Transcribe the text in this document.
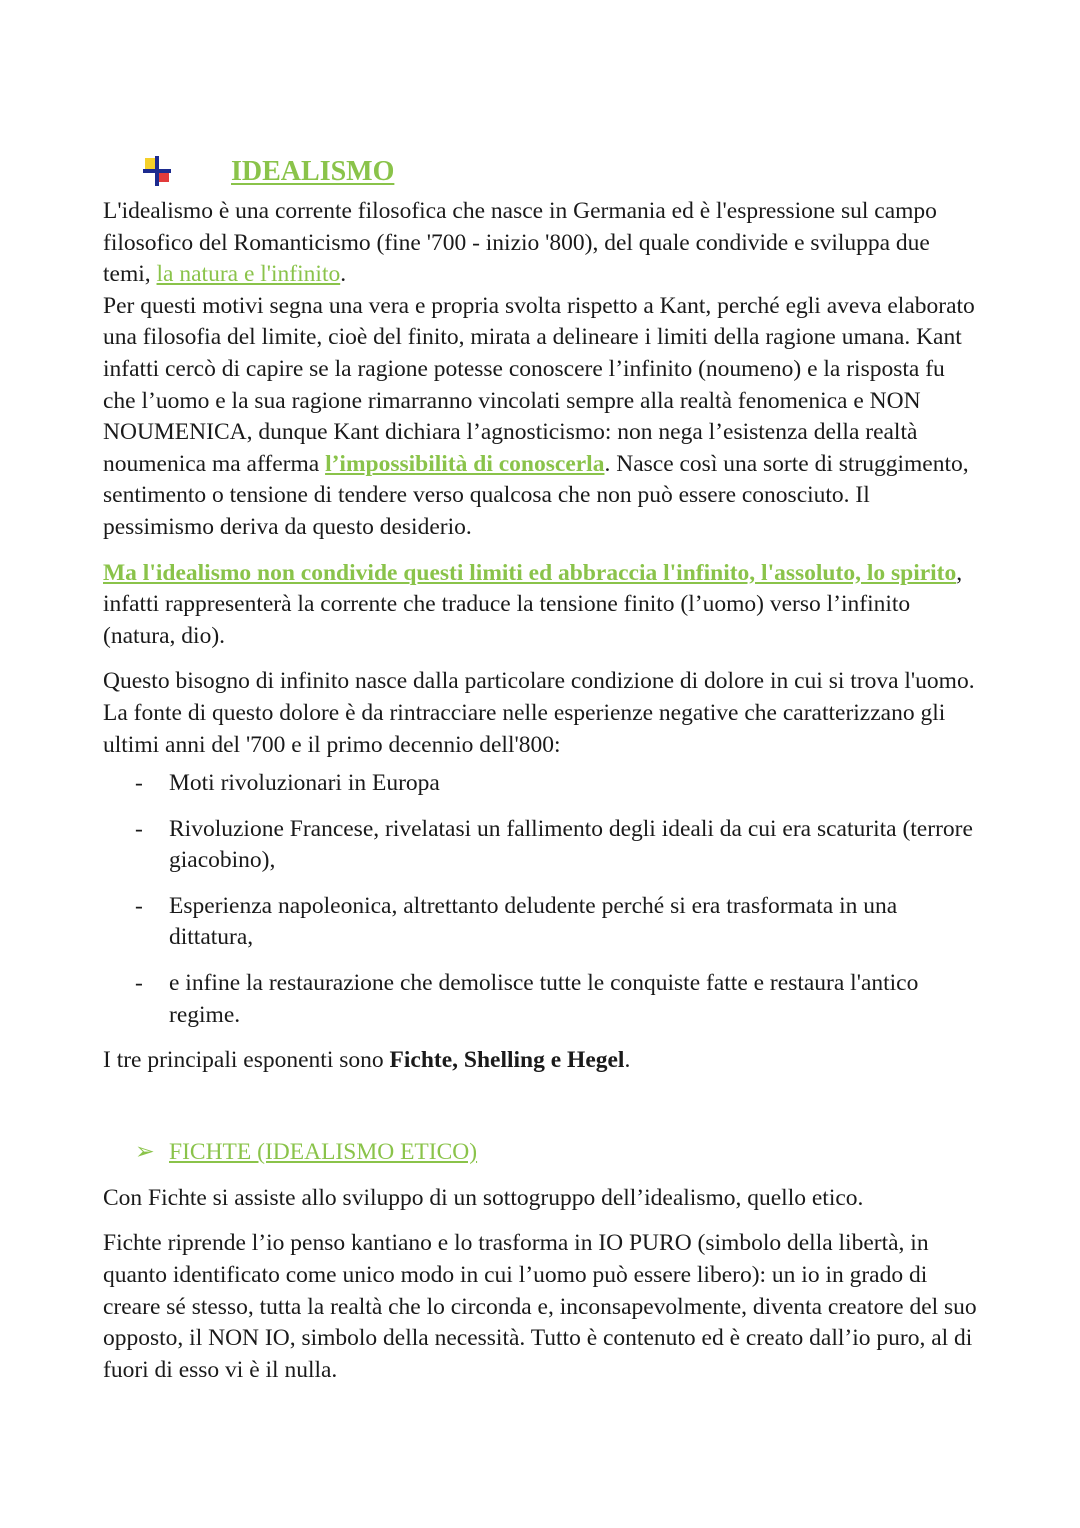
IDEALISMO

L'idealismo è una corrente filosofica che nasce in Germania ed è l'espressione sul campo filosofico del Romanticismo (fine '700 - inizio '800), del quale condivide e sviluppa due temi, la natura e l'infinito.

Per questi motivi segna una vera e propria svolta rispetto a Kant, perché egli aveva elaborato una filosofia del limite, cioè del finito, mirata a delineare i limiti della ragione umana. Kant infatti cercò di capire se la ragione potesse conoscere l’infinito (noumeno) e la risposta fu che l’uomo e la sua ragione rimarranno vincolati sempre alla realtà fenomenica e NON NOUMENICA, dunque Kant dichiara l’agnosticismo: non nega l’esistenza della realtà noumenica ma afferma l’impossibilità di conoscerla. Nasce così una sorte di struggimento, sentimento o tensione di tendere verso qualcosa che non può essere conosciuto. Il pessimismo deriva da questo desiderio.

Ma l'idealismo non condivide questi limiti ed abbraccia l'infinito, l'assoluto, lo spirito, infatti rappresenterà la corrente che traduce la tensione finito (l’uomo) verso l’infinito (natura, dio).

Questo bisogno di infinito nasce dalla particolare condizione di dolore in cui si trova l'uomo. La fonte di questo dolore è da rintracciare nelle esperienze negative che caratterizzano gli ultimi anni del '700 e il primo decennio dell'800:

- Moti rivoluzionari in Europa
- Rivoluzione Francese, rivelatasi un fallimento degli ideali da cui era scaturita (terrore giacobino),
- Esperienza napoleonica, altrettanto deludente perché si era trasformata in una dittatura,
- e infine la restaurazione che demolisce tutte le conquiste fatte e restaura l'antico regime.

I tre principali esponenti sono Fichte, Shelling e Hegel.

➢ FICHTE (IDEALISMO ETICO)

Con Fichte si assiste allo sviluppo di un sottogruppo dell’idealismo, quello etico.

Fichte riprende l’io penso kantiano e lo trasforma in IO PURO (simbolo della libertà, in quanto identificato come unico modo in cui l’uomo può essere libero): un io in grado di creare sé stesso, tutta la realtà che lo circonda e, inconsapevolmente, diventa creatore del suo opposto, il NON IO, simbolo della necessità. Tutto è contenuto ed è creato dall’io puro, al di fuori di esso vi è il nulla.
